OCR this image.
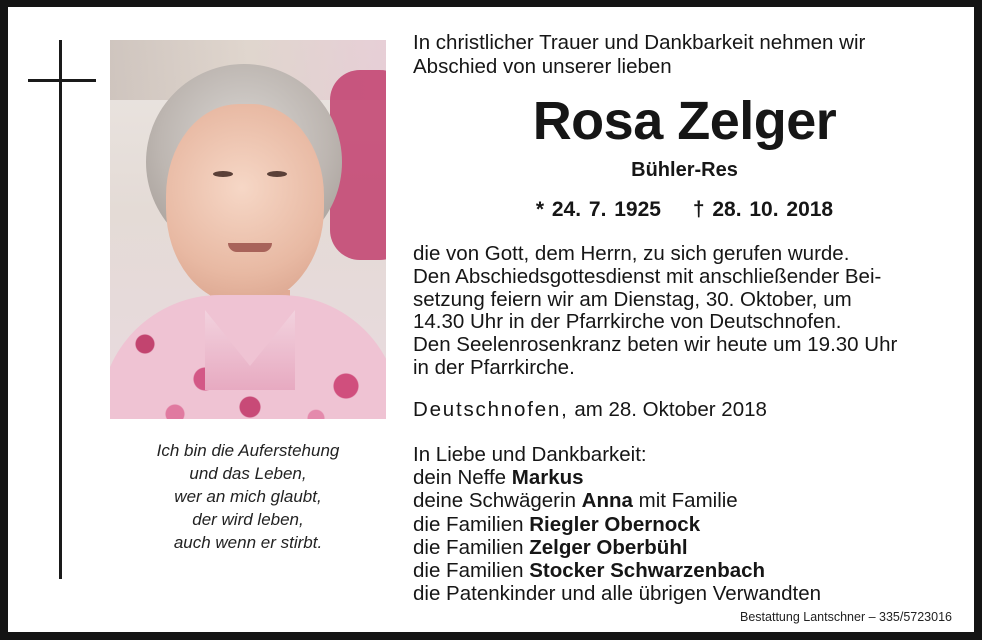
Ich bin die Auferstehung
und das Leben,
wer an mich glaubt,
der wird leben,
auch wenn er stirbt.
In christlicher Trauer und Dankbarkeit nehmen wir
Abschied von unserer lieben
Rosa Zelger
Bühler-Res
* 24. 7. 1925 † 28. 10. 2018
die von Gott, dem Herrn, zu sich gerufen wurde.
Den Abschiedsgottesdienst mit anschließender Bei-
setzung feiern wir am Dienstag, 30. Oktober, um
14.30 Uhr in der Pfarrkirche von Deutschnofen.
Den Seelenrosenkranz beten wir heute um 19.30 Uhr
in der Pfarrkirche.
Deutschnofen, am 28. Oktober 2018
In Liebe und Dankbarkeit:
dein Neffe Markus
deine Schwägerin Anna mit Familie
die Familien Riegler Obernock
die Familien Zelger Oberbühl
die Familien Stocker Schwarzenbach
die Patenkinder und alle übrigen Verwandten
Bestattung Lantschner – 335/5723016
